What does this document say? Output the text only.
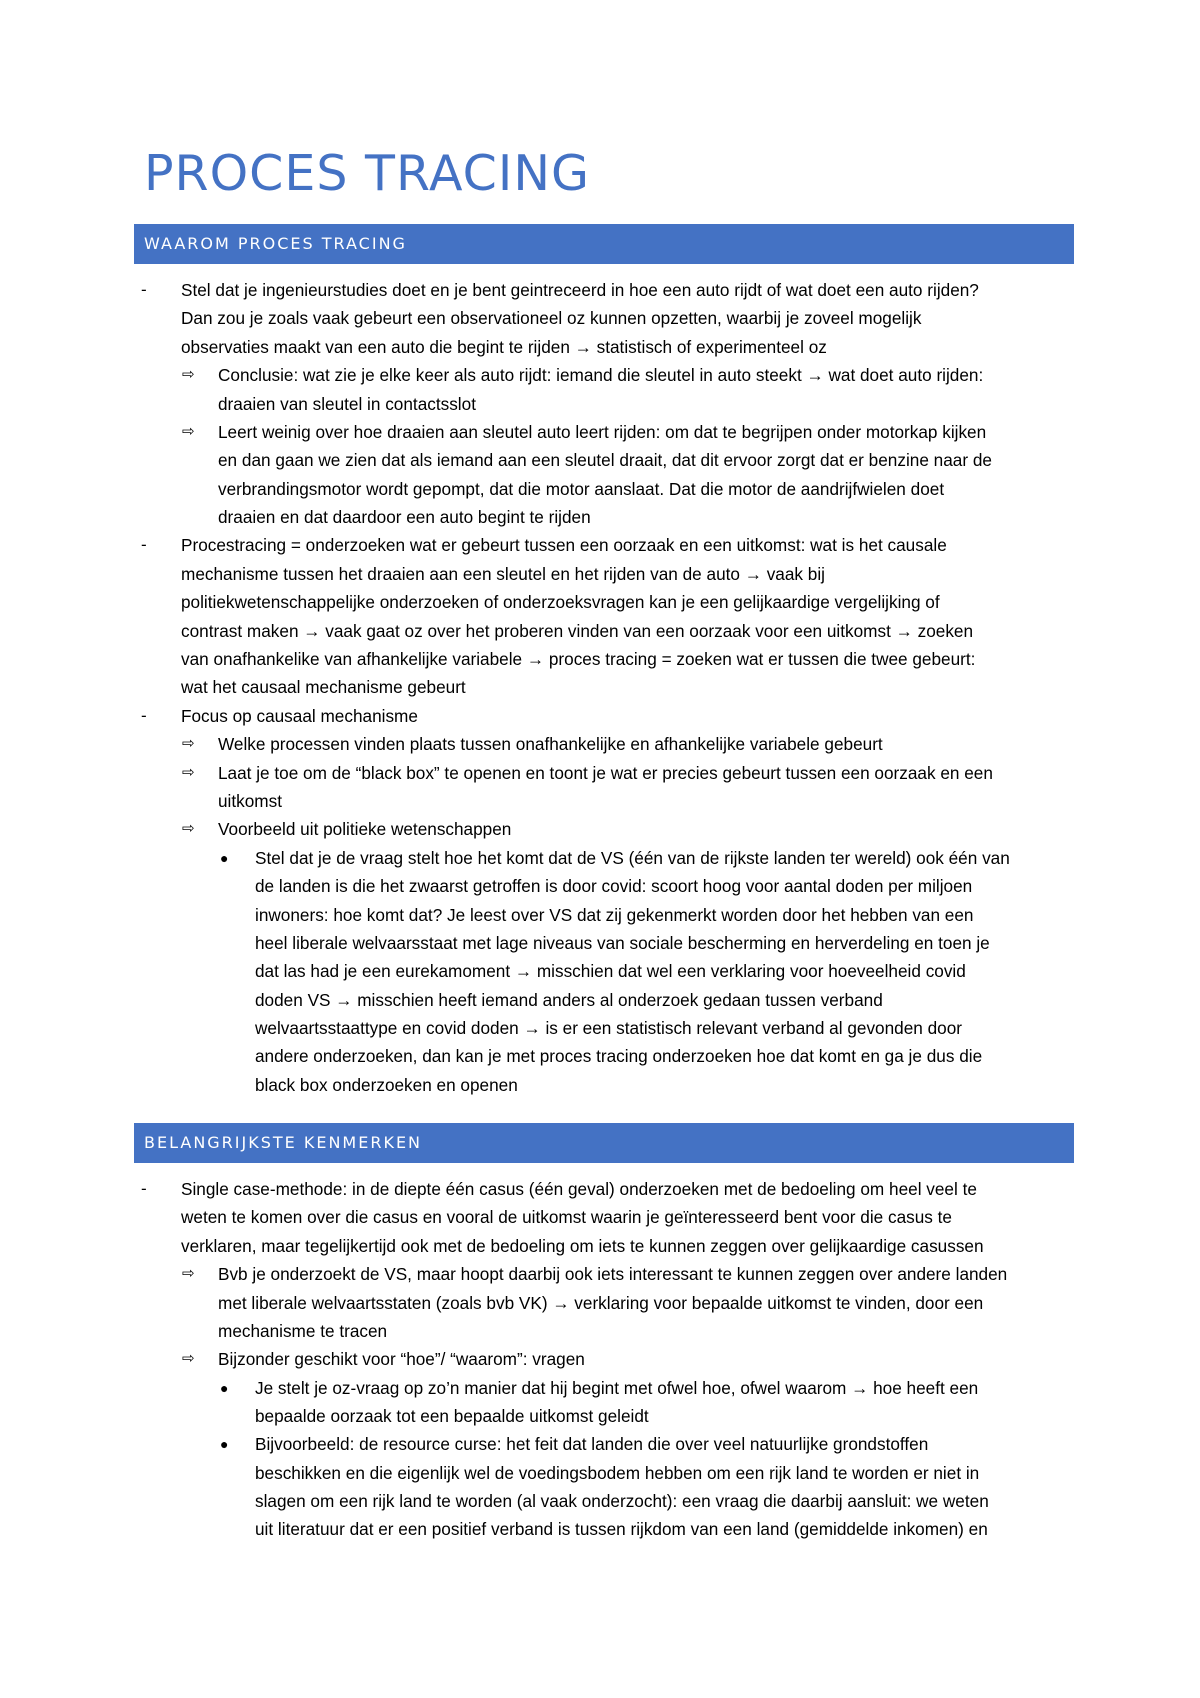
PROCES TRACING
WAAROM PROCES TRACING
- Stel dat je ingenieurstudies doet en je bent geintreceerd in hoe een auto rijdt of wat doet een auto rijden?
Dan zou je zoals vaak gebeurt een observationeel oz kunnen opzetten, waarbij je zoveel mogelijk
observaties maakt van een auto die begint te rijden → statistisch of experimenteel oz
⇨ Conclusie: wat zie je elke keer als auto rijdt: iemand die sleutel in auto steekt → wat doet auto rijden:
draaien van sleutel in contactsslot
⇨ Leert weinig over hoe draaien aan sleutel auto leert rijden: om dat te begrijpen onder motorkap kijken
en dan gaan we zien dat als iemand aan een sleutel draait, dat dit ervoor zorgt dat er benzine naar de
verbrandingsmotor wordt gepompt, dat die motor aanslaat. Dat die motor de aandrijfwielen doet
draaien en dat daardoor een auto begint te rijden
- Procestracing = onderzoeken wat er gebeurt tussen een oorzaak en een uitkomst: wat is het causale
mechanisme tussen het draaien aan een sleutel en het rijden van de auto → vaak bij
politiekwetenschappelijke onderzoeken of onderzoeksvragen kan je een gelijkaardige vergelijking of
contrast maken → vaak gaat oz over het proberen vinden van een oorzaak voor een uitkomst → zoeken
van onafhankelike van afhankelijke variabele → proces tracing = zoeken wat er tussen die twee gebeurt:
wat het causaal mechanisme gebeurt
- Focus op causaal mechanisme
⇨ Welke processen vinden plaats tussen onafhankelijke en afhankelijke variabele gebeurt
⇨ Laat je toe om de “black box” te openen en toont je wat er precies gebeurt tussen een oorzaak en een
uitkomst
⇨ Voorbeeld uit politieke wetenschappen
● Stel dat je de vraag stelt hoe het komt dat de VS (één van de rijkste landen ter wereld) ook één van
de landen is die het zwaarst getroffen is door covid: scoort hoog voor aantal doden per miljoen
inwoners: hoe komt dat? Je leest over VS dat zij gekenmerkt worden door het hebben van een
heel liberale welvaarsstaat met lage niveaus van sociale bescherming en herverdeling en toen je
dat las had je een eurekamoment → misschien dat wel een verklaring voor hoeveelheid covid
doden VS → misschien heeft iemand anders al onderzoek gedaan tussen verband
welvaartsstaattype en covid doden → is er een statistisch relevant verband al gevonden door
andere onderzoeken, dan kan je met proces tracing onderzoeken hoe dat komt en ga je dus die
black box onderzoeken en openen
BELANGRIJKSTE KENMERKEN
- Single case-methode: in de diepte één casus (één geval) onderzoeken met de bedoeling om heel veel te
weten te komen over die casus en vooral de uitkomst waarin je geïnteresseerd bent voor die casus te
verklaren, maar tegelijkertijd ook met de bedoeling om iets te kunnen zeggen over gelijkaardige casussen
⇨ Bvb je onderzoekt de VS, maar hoopt daarbij ook iets interessant te kunnen zeggen over andere landen
met liberale welvaartsstaten (zoals bvb VK) → verklaring voor bepaalde uitkomst te vinden, door een
mechanisme te tracen
⇨ Bijzonder geschikt voor “hoe”/ “waarom”: vragen
● Je stelt je oz-vraag op zo’n manier dat hij begint met ofwel hoe, ofwel waarom → hoe heeft een
bepaalde oorzaak tot een bepaalde uitkomst geleidt
● Bijvoorbeeld: de resource curse: het feit dat landen die over veel natuurlijke grondstoffen
beschikken en die eigenlijk wel de voedingsbodem hebben om een rijk land te worden er niet in
slagen om een rijk land te worden (al vaak onderzocht): een vraag die daarbij aansluit: we weten
uit literatuur dat er een positief verband is tussen rijkdom van een land (gemiddelde inkomen) en
